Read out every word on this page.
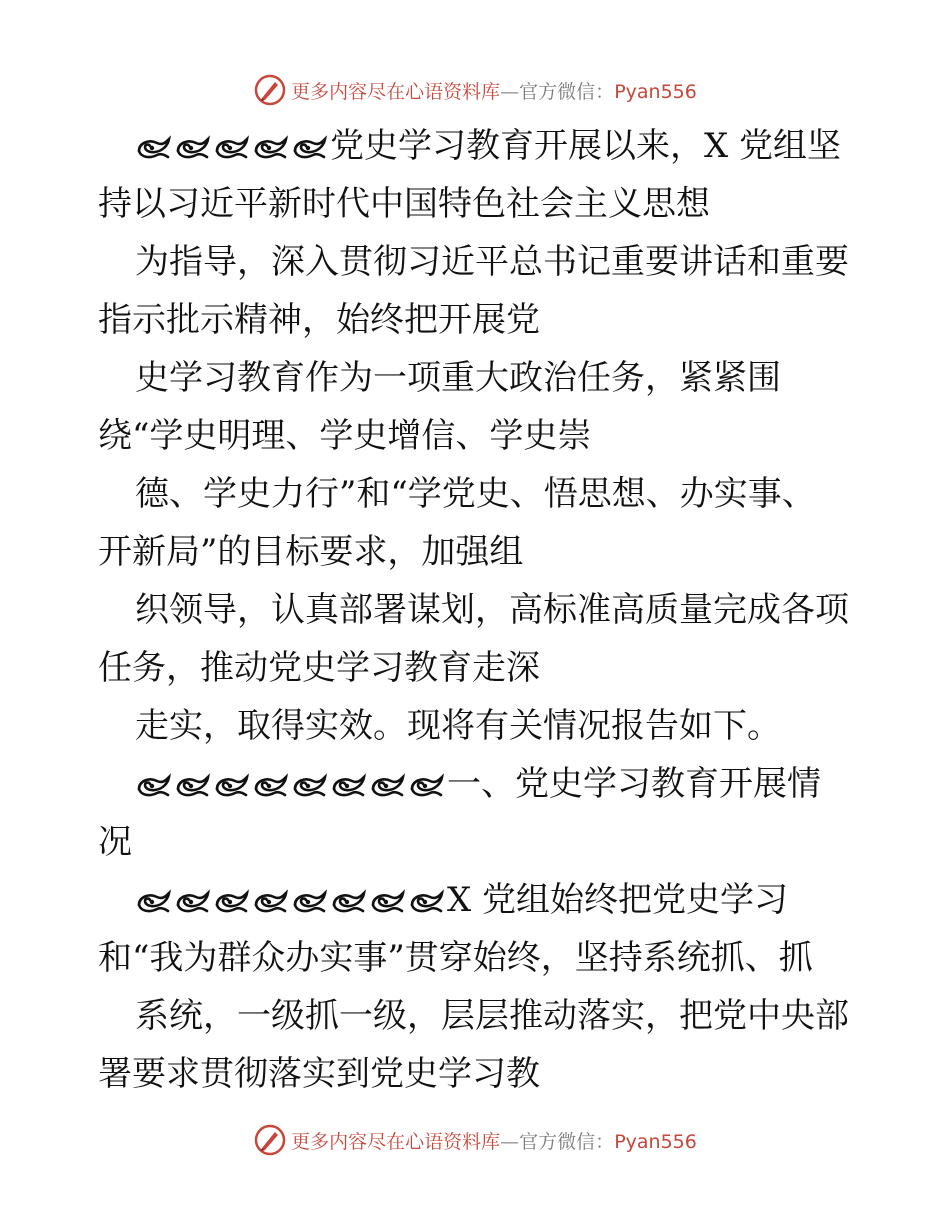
更多内容尽在心语资料库—官方微信：Pyan556
党史学习教育开展以来，X 党组坚
持以习近平新时代中国特色社会主义思想
为指导，深入贯彻习近平总书记重要讲话和重要
指示批示精神，始终把开展党
史学习教育作为一项重大政治任务，紧紧围
绕“学史明理、学史增信、学史崇
德、学史力行”和“学党史、悟思想、办实事、
开新局”的目标要求，加强组
织领导，认真部署谋划，高标准高质量完成各项
任务，推动党史学习教育走深
走实，取得实效。现将有关情况报告如下。
一、党史学习教育开展情
况
X 党组始终把党史学习
和“我为群众办实事”贯穿始终，坚持系统抓、抓
系统，一级抓一级，层层推动落实，把党中央部
署要求贯彻落实到党史学习教
更多内容尽在心语资料库—官方微信：Pyan556
